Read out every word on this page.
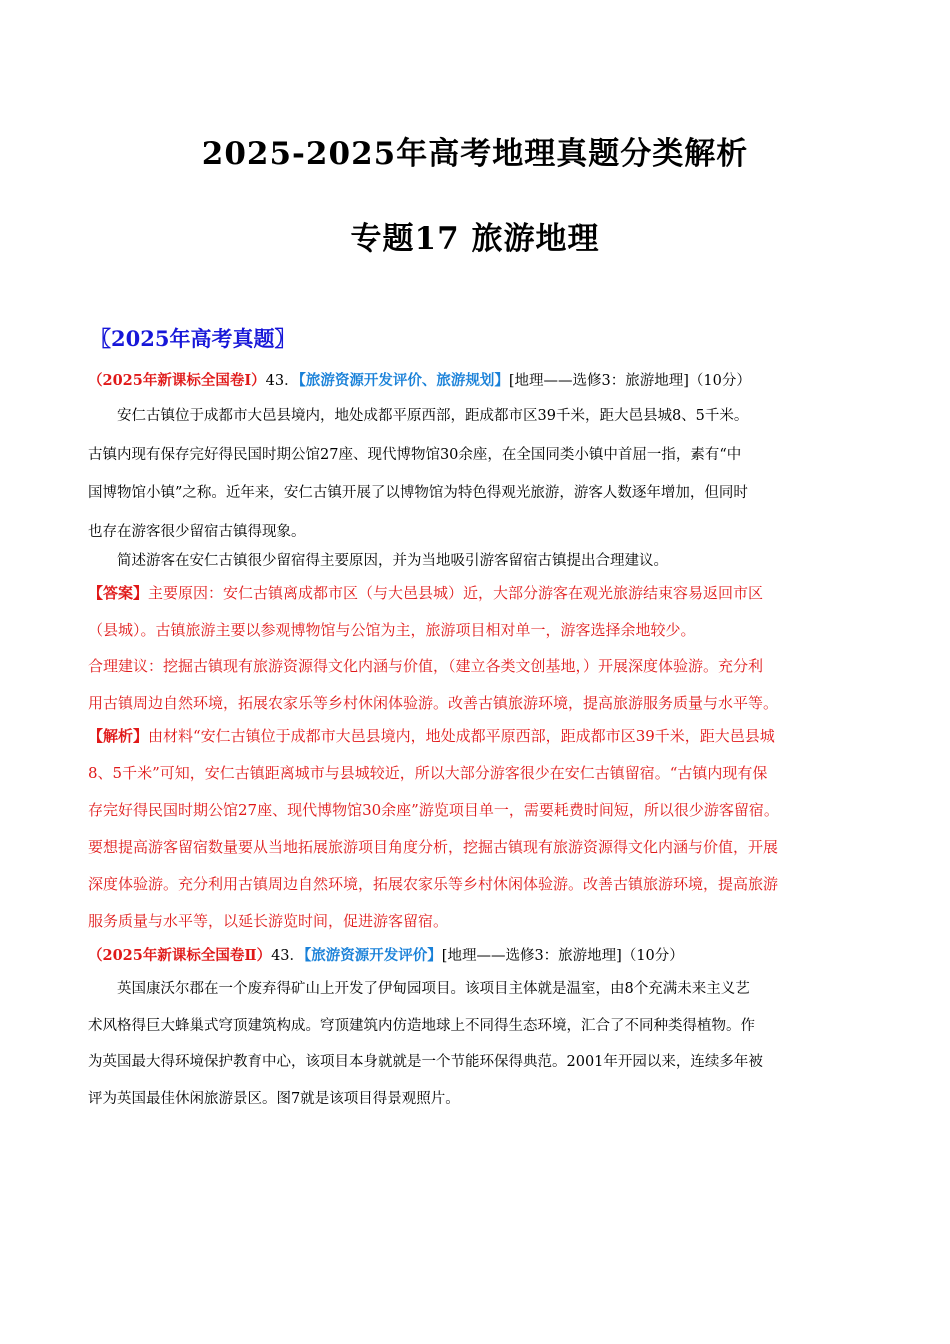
2025-2025年高考地理真题分类解析
专题17 旅游地理
〖2025年高考真题〗
（2025年新课标全国卷Ⅰ）43．【旅游资源开发评价、旅游规划】[地理——选修3：旅游地理]（10分）
安仁古镇位于成都市大邑县境内，地处成都平原西部，距成都市区39千米，距大邑县城8、5千米。
古镇内现有保存完好得民国时期公馆27座、现代博物馆30余座，在全国同类小镇中首屈一指，素有“中
国博物馆小镇”之称。近年来，安仁古镇开展了以博物馆为特色得观光旅游，游客人数逐年增加，但同时
也存在游客很少留宿古镇得现象。
简述游客在安仁古镇很少留宿得主要原因，并为当地吸引游客留宿古镇提出合理建议。
【答案】主要原因：安仁古镇离成都市区（与大邑县城）近，大部分游客在观光旅游结束容易返回市区
（县城）。古镇旅游主要以参观博物馆与公馆为主，旅游项目相对单一，游客选择余地较少。
合理建议：挖掘古镇现有旅游资源得文化内涵与价值，（建立各类文创基地，）开展深度体验游。充分利
用古镇周边自然环境，拓展农家乐等乡村休闲体验游。改善古镇旅游环境，提高旅游服务质量与水平等。
【解析】由材料“安仁古镇位于成都市大邑县境内，地处成都平原西部，距成都市区39千米，距大邑县城
8、5千米”可知，安仁古镇距离城市与县城较近，所以大部分游客很少在安仁古镇留宿。“古镇内现有保
存完好得民国时期公馆27座、现代博物馆30余座”游览项目单一，需要耗费时间短，所以很少游客留宿。
要想提高游客留宿数量要从当地拓展旅游项目角度分析，挖掘古镇现有旅游资源得文化内涵与价值，开展
深度体验游。充分利用古镇周边自然环境，拓展农家乐等乡村休闲体验游。改善古镇旅游环境，提高旅游
服务质量与水平等，以延长游览时间，促进游客留宿。
（2025年新课标全国卷Ⅱ）43．【旅游资源开发评价】[地理——选修3：旅游地理]（10分）
英国康沃尔郡在一个废弃得矿山上开发了伊甸园项目。该项目主体就是温室，由8个充满未来主义艺
术风格得巨大蜂巢式穹顶建筑构成。穹顶建筑内仿造地球上不同得生态环境，汇合了不同种类得植物。作
为英国最大得环境保护教育中心，该项目本身就就是一个节能环保得典范。2001年开园以来，连续多年被
评为英国最佳休闲旅游景区。图7就是该项目得景观照片。
